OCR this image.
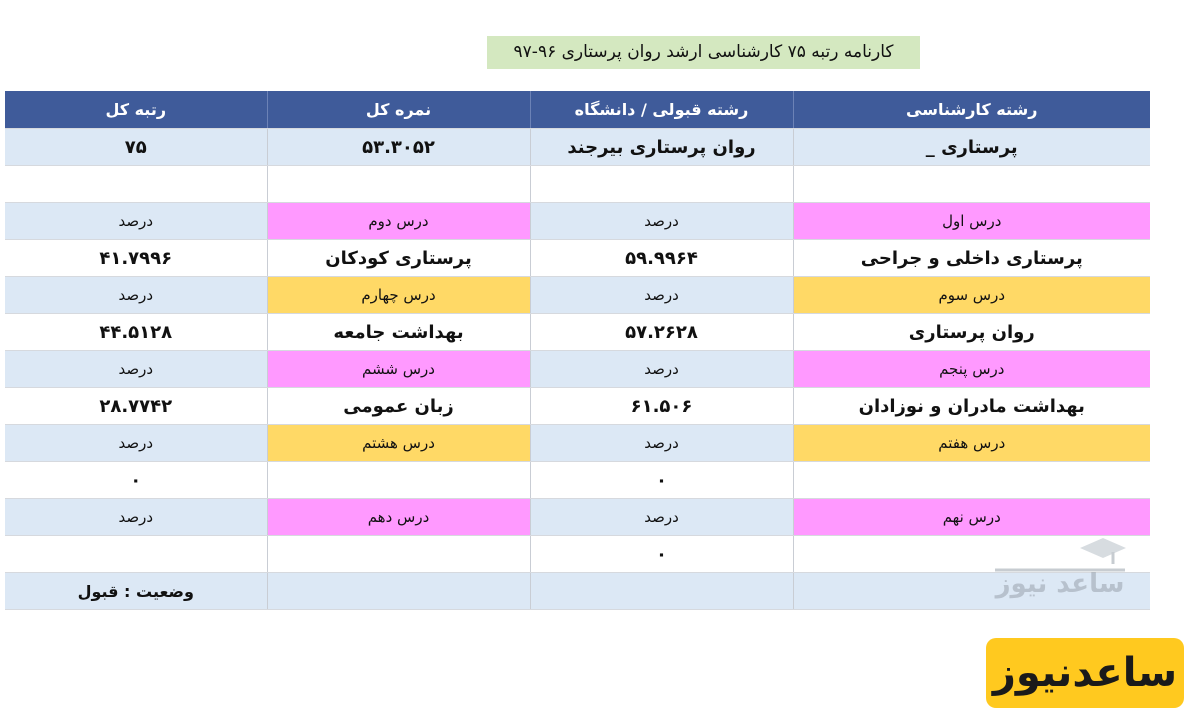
کارنامه رتبه ۷۵ کارشناسی ارشد روان پرستاری ۹۶-۹۷
رشته کارشناسی	رشته قبولی / دانشگاه	نمره کل	رتبه کل
پرستاری _	روان پرستاری بیرجند	۵۳.۳۰۵۲	۷۵

درس اول	درصد	درس دوم	درصد
پرستاری داخلی و جراحی	۵۹.۹۹۶۴	پرستاری کودکان	۴۱.۷۹۹۶
درس سوم	درصد	درس چهارم	درصد
روان پرستاری	۵۷.۲۶۲۸	بهداشت جامعه	۴۴.۵۱۲۸
درس پنجم	درصد	درس ششم	درصد
بهداشت مادران و نوزادان	۶۱.۵۰۶	زبان عمومی	۲۸.۷۷۴۲
درس هفتم	درصد	درس هشتم	درصد
	۰		۰
درس نهم	درصد	درس دهم	درصد
	۰		
			وضعیت : قبول	ساعد نیوز
ساعدنیوز
